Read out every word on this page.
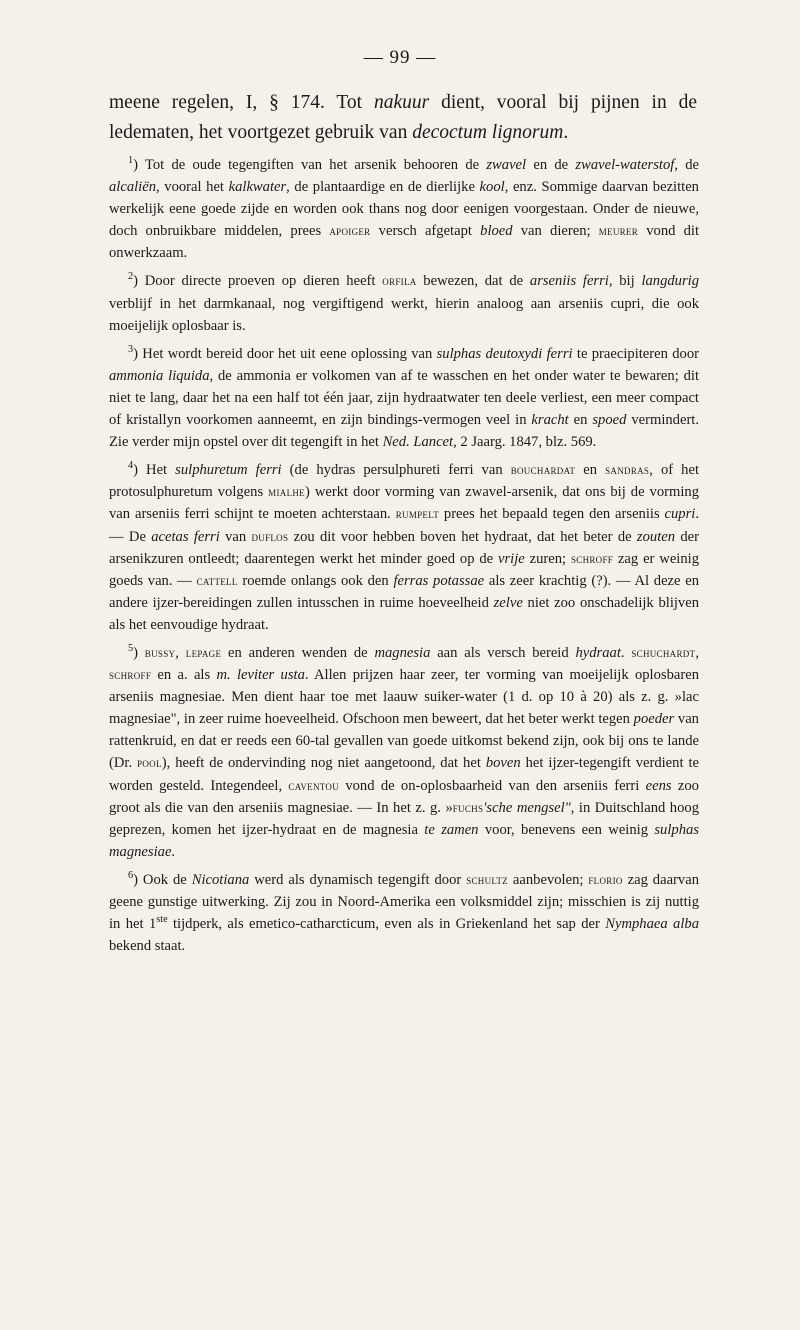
— 99 —

meene regelen, I, § 174. Tot nakuur dient, vooral bij pijnen in de ledematen, het voortgezet gebruik van decoctum lignorum.

$^1$) Tot de oude tegengiften van het arsenik behooren de zwavel en de zwavel-waterstof, de alcaliën, vooral het kalkwater, de plantaardige en de dierlijke kool, enz. Sommige daarvan bezitten werkelijk eene goede zijde en worden ook thans nog door eenigen voorgestaan. Onder de nieuwe, doch onbruikbare middelen, prees apoiger versch afgetapt bloed van dieren; meurer vond dit onwerkzaam.

$^2$) Door directe proeven op dieren heeft orfila bewezen, dat de arseniis ferri, bij langdurig verblijf in het darmkanaal, nog vergiftigend werkt, hierin analoog aan arseniis cupri, die ook moeijelijk oplosbaar is.

$^3$) Het wordt bereid door het uit eene oplossing van sulphas deutoxydi ferri te praecipiteren door ammonia liquida, de ammonia er volkomen van af te wasschen en het onder water te bewaren; dit niet te lang, daar het na een half tot één jaar, zijn hydraatwater ten deele verliest, een meer compact of kristallyn voorkomen aanneemt, en zijn bindings-vermogen veel in kracht en spoed vermindert. Zie verder mijn opstel over dit tegengift in het Ned. Lancet, 2 Jaarg. 1847, blz. 569.

$^4$) Het sulphuretum ferri (de hydras persulphureti ferri van bouchardat en sandras, of het protosulphuretum volgens mialhe) werkt door vorming van zwavel-arsenik, dat ons bij de vorming van arseniis ferri schijnt te moeten achterstaan. rumpelt prees het bepaald tegen den arseniis cupri. — De acetas ferri van duflos zou dit voor hebben boven het hydraat, dat het beter de zouten der arsenikzuren ontleedt; daarentegen werkt het minder goed op de vrije zuren; schroff zag er weinig goeds van. — cattell roemde onlangs ook den ferras potassae als zeer krachtig (?). — Al deze en andere ijzer-bereidingen zullen intusschen in ruime hoeveelheid zelve niet zoo onschadelijk blijven als het eenvoudige hydraat.

$^5$) bussy, lepage en anderen wenden de magnesia aan als versch bereid hydraat. schuchardt, schroff en a. als m. leviter usta. Allen prijzen haar zeer, ter vorming van moeijelijk oplosbaren arseniis magnesiae. Men dient haar toe met laauw suiker-water (1 d. op 10 à 20) als z. g. »lac magnesiae", in zeer ruime hoeveelheid. Ofschoon men beweert, dat het beter werkt tegen poeder van rattenkruid, en dat er reeds een 60-tal gevallen van goede uitkomst bekend zijn, ook bij ons te lande (Dr. pool), heeft de ondervinding nog niet aangetoond, dat het boven het ijzer-tegengift verdient te worden gesteld. Integendeel, caventou vond de on-oplosbaarheid van den arseniis ferri eens zoo groot als die van den arseniis magnesiae. — In het z. g. »fuchs'sche mengsel", in Duitschland hoog geprezen, komen het ijzer-hydraat en de magnesia te zamen voor, benevens een weinig sulphas magnesiae.

$^6$) Ook de Nicotiana werd als dynamisch tegengift door schultz aanbevolen; florio zag daarvan geene gunstige uitwerking. Zij zou in Noord-Amerika een volksmiddel zijn; misschien is zij nuttig in het 1ste tijdperk, als emetico-catharcticum, even als in Griekenland het sap der Nymphaea alba bekend staat.
